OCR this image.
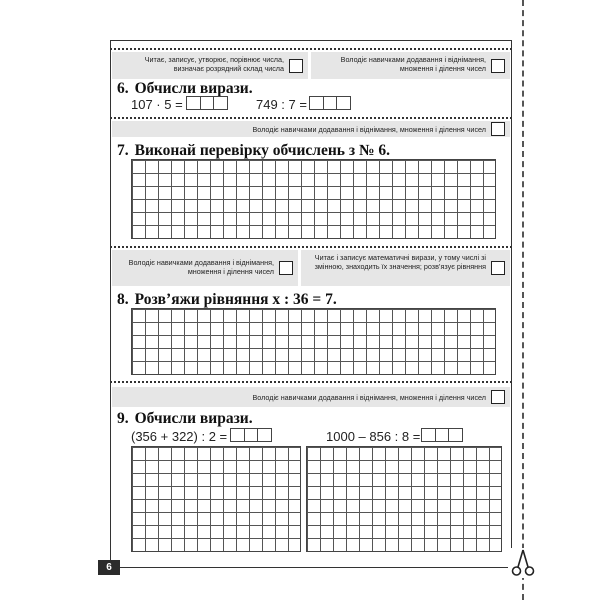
Читає, записує, утворює, порівнює числа, визначає розрядний склад числа
Володіє навичками додавання і віднімання, множення і ділення чисел
6. Обчисли вирази.
107 · 5 =	749 : 7 =
Володіє навичками додавання і віднімання, множення і ділення чисел
7. Виконай перевірку обчислень з № 6.
Володіє навичками додавання і віднімання, множення і ділення чисел
Читає і записує математичні вирази, у тому числі зі змінною, знаходить їх значення; розв’язує рівняння
8. Розв’яжи рівняння x : 36 = 7.
Володіє навичками додавання і віднімання, множення і ділення чисел
9. Обчисли вирази.
(356 + 322) : 2 =	1000 – 856 : 8 =
6
